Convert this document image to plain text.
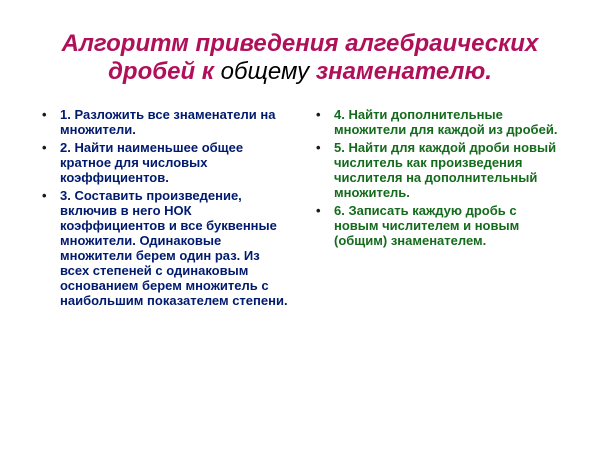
Алгоритм приведения алгебраических
дробей к общему знаменателю.
• 1. Разложить все знаменатели на множители.
• 2. Найти наименьшее общее кратное для числовых коэффициентов.
• 3. Составить произведение, включив в него НОК коэффициентов и все буквенные множители. Одинаковые множители берем один раз. Из всех степеней с одинаковым основанием берем множитель с наибольшим показателем степени.
• 4. Найти дополнительные множители для каждой из дробей.
• 5. Найти для каждой дроби новый числитель как произведения числителя на дополнительный множитель.
• 6. Записать каждую дробь с новым числителем и новым (общим) знаменателем.
